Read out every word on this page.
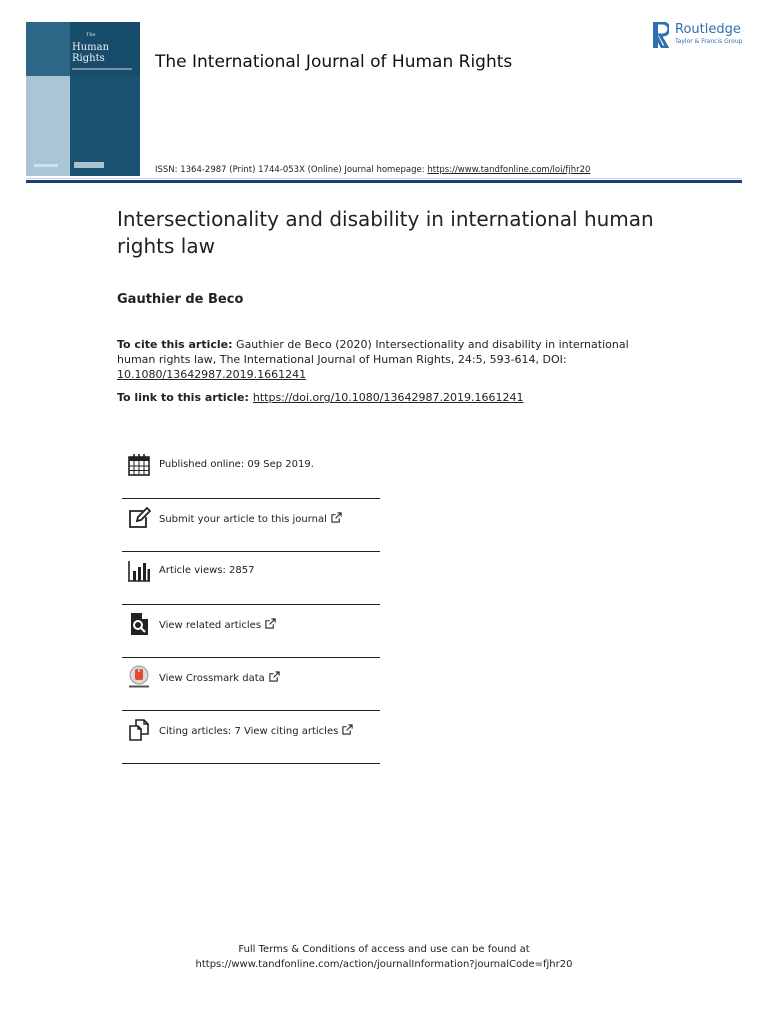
The
Human Rights	The International Journal of Human Rights
Routledge
Taylor & Francis Group
ISSN: 1364-2987 (Print) 1744-053X (Online) Journal homepage: https://www.tandfonline.com/loi/fjhr20
Intersectionality and disability in international human rights law
Gauthier de Beco
To cite this article: Gauthier de Beco (2020) Intersectionality and disability in international human rights law, The International Journal of Human Rights, 24:5, 593-614, DOI: 10.1080/13642987.2019.1661241
To link to this article: https://doi.org/10.1080/13642987.2019.1661241
Published online: 09 Sep 2019.
Submit your article to this journal
Article views: 2857
View related articles
View Crossmark data
Citing articles: 7 View citing articles
Full Terms & Conditions of access and use can be found at
https://www.tandfonline.com/action/journalInformation?journalCode=fjhr20
